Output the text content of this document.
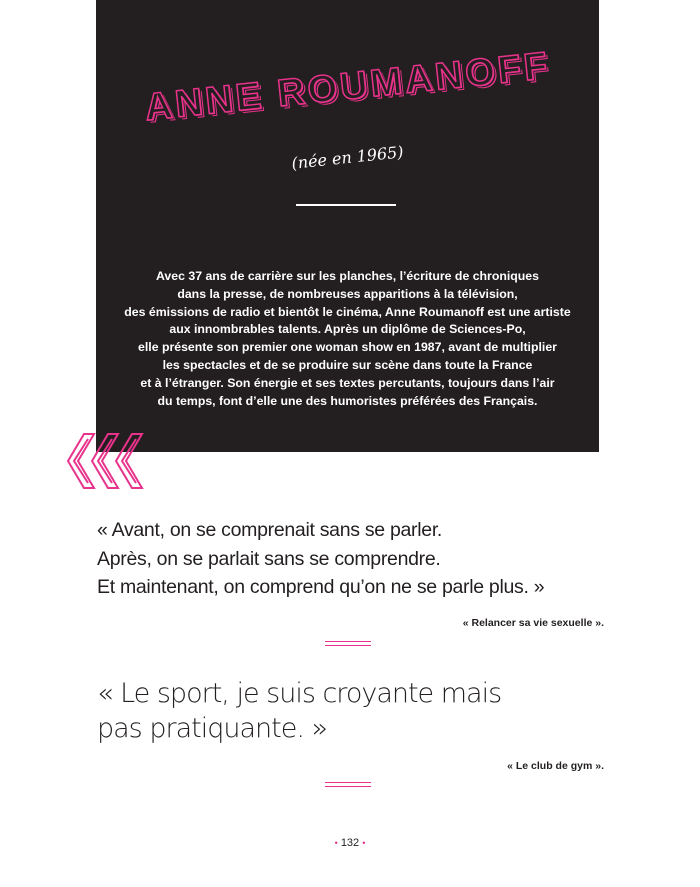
ANNE ROUMANOFF
(née en 1965)
Avec 37 ans de carrière sur les planches, l’écriture de chroniques
dans la presse, de nombreuses apparitions à la télévision,
des émissions de radio et bientôt le cinéma, Anne Roumanoff est une artiste
aux innombrables talents. Après un diplôme de Sciences-Po,
elle présente son premier one woman show en 1987, avant de multiplier
les spectacles et de se produire sur scène dans toute la France
et à l’étranger. Son énergie et ses textes percutants, toujours dans l’air
du temps, font d’elle une des humoristes préférées des Français.
« Avant, on se comprenait sans se parler.
Après, on se parlait sans se comprendre.
Et maintenant, on comprend qu’on ne se parle plus. »
« Relancer sa vie sexuelle ».
« Le sport, je suis croyante mais
pas pratiquante. »
« Le club de gym ».
• 132 •
